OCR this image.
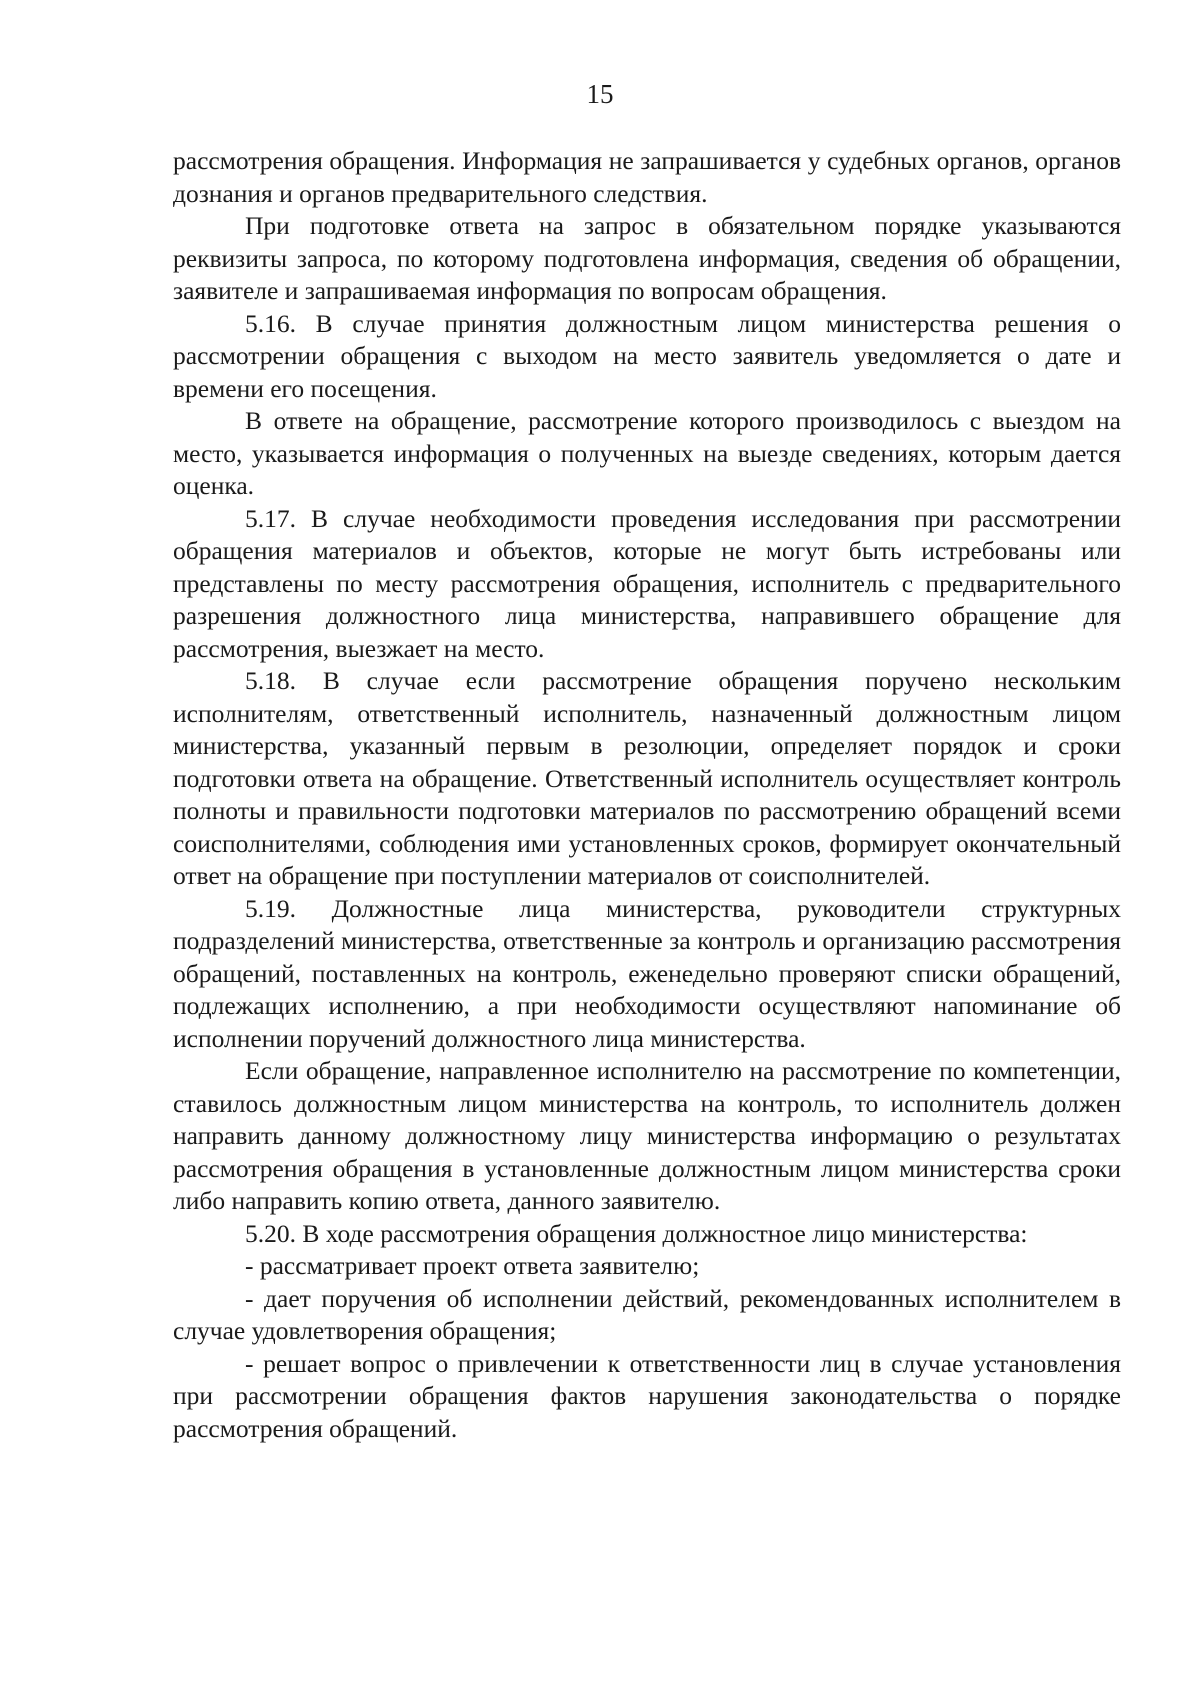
15

рассмотрения обращения. Информация не запрашивается у судебных органов, органов дознания и органов предварительного следствия.

При подготовке ответа на запрос в обязательном порядке указываются реквизиты запроса, по которому подготовлена информация, сведения об обращении, заявителе и запрашиваемая информация по вопросам обращения.

5.16. В случае принятия должностным лицом министерства решения о рассмотрении обращения с выходом на место заявитель уведомляется о дате и времени его посещения.

В ответе на обращение, рассмотрение которого производилось с выездом на место, указывается информация о полученных на выезде сведениях, которым дается оценка.

5.17. В случае необходимости проведения исследования при рассмотрении обращения материалов и объектов, которые не могут быть истребованы или представлены по месту рассмотрения обращения, исполнитель с предварительного разрешения должностного лица министерства, направившего обращение для рассмотрения, выезжает на место.

5.18. В случае если рассмотрение обращения поручено нескольким исполнителям, ответственный исполнитель, назначенный должностным лицом министерства, указанный первым в резолюции, определяет порядок и сроки подготовки ответа на обращение. Ответственный исполнитель осуществляет контроль полноты и правильности подготовки материалов по рассмотрению обращений всеми соисполнителями, соблюдения ими установленных сроков, формирует окончательный ответ на обращение при поступлении материалов от соисполнителей.

5.19. Должностные лица министерства, руководители структурных подразделений министерства, ответственные за контроль и организацию рассмотрения обращений, поставленных на контроль, еженедельно проверяют списки обращений, подлежащих исполнению, а при необходимости осуществляют напоминание об исполнении поручений должностного лица министерства.

Если обращение, направленное исполнителю на рассмотрение по компетенции, ставилось должностным лицом министерства на контроль, то исполнитель должен направить данному должностному лицу министерства информацию о результатах рассмотрения обращения в установленные должностным лицом министерства сроки либо направить копию ответа, данного заявителю.

5.20. В ходе рассмотрения обращения должностное лицо министерства:

- рассматривает проект ответа заявителю;

- дает поручения об исполнении действий, рекомендованных исполнителем в случае удовлетворения обращения;

- решает вопрос о привлечении к ответственности лиц в случае установления при рассмотрении обращения фактов нарушения законодательства о порядке рассмотрения обращений.
